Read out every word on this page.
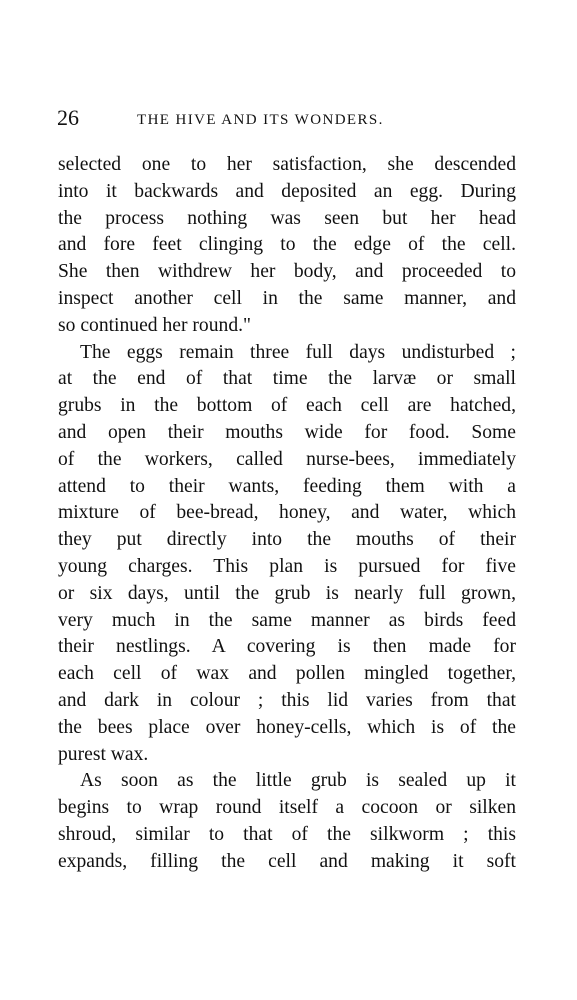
26	THE HIVE AND ITS WONDERS.
selected one to her satisfaction, she descended
into it backwards and deposited an egg. During
the process nothing was seen but her head
and fore feet clinging to the edge of the cell.
She then withdrew her body, and proceeded to
inspect another cell in the same manner, and
so continued her round."
The eggs remain three full days undisturbed ;
at the end of that time the larvæ or small
grubs in the bottom of each cell are hatched,
and open their mouths wide for food. Some
of the workers, called nurse-bees, immediately
attend to their wants, feeding them with a
mixture of bee-bread, honey, and water, which
they put directly into the mouths of their
young charges. This plan is pursued for five
or six days, until the grub is nearly full grown,
very much in the same manner as birds feed
their nestlings. A covering is then made for
each cell of wax and pollen mingled together,
and dark in colour ; this lid varies from that
the bees place over honey-cells, which is of the
purest wax.
As soon as the little grub is sealed up it
begins to wrap round itself a cocoon or silken
shroud, similar to that of the silkworm ; this
expands, filling the cell and making it soft
